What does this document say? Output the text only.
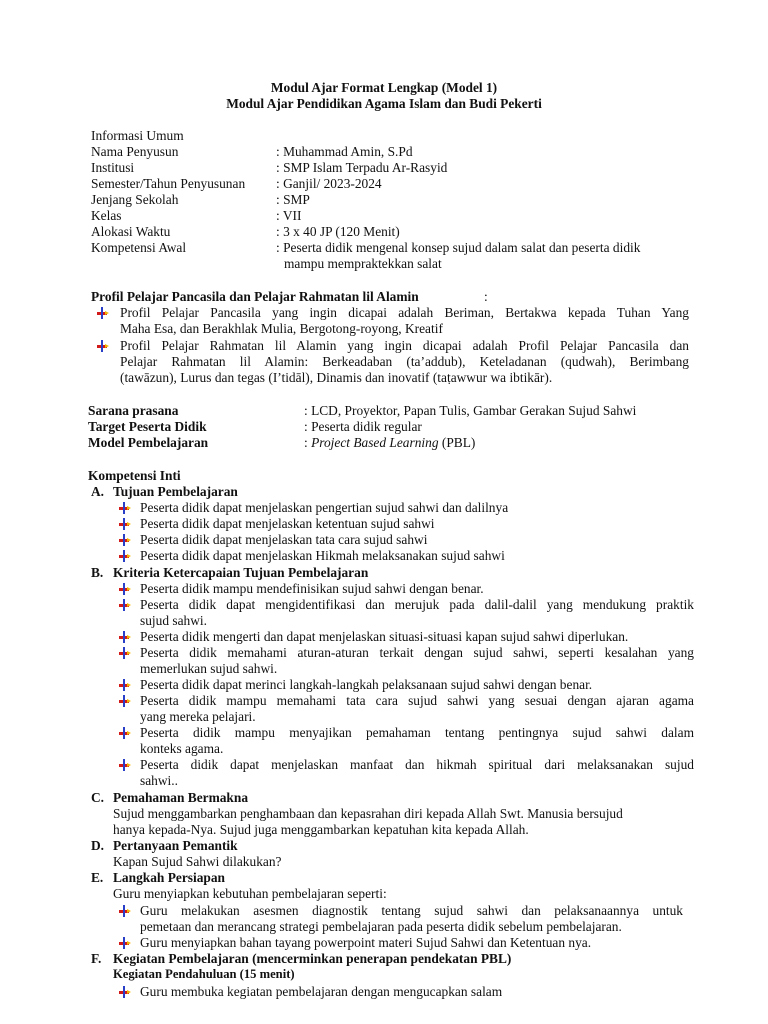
Modul Ajar Format Lengkap (Model 1)
Modul Ajar Pendidikan Agama Islam dan Budi Pekerti
Informasi Umum
Nama Penyusun	: Muhammad Amin, S.Pd
Institusi	: SMP Islam Terpadu Ar-Rasyid
Semester/Tahun Penyusunan : Ganjil/ 2023-2024
Jenjang Sekolah	: SMP
Kelas	: VII
Alokasi Waktu	: 3 x 40 JP (120 Menit)
Kompetensi Awal	: Peserta didik mengenal konsep sujud dalam salat dan peserta didik
mampu mempraktekkan salat
Profil Pelajar Pancasila dan Pelajar Rahmatan lil Alamin	:
Profil Pelajar Pancasila yang ingin dicapai adalah Beriman, Bertakwa kepada Tuhan Yang
Maha Esa, dan Berakhlak Mulia, Bergotong-royong, Kreatif
Profil Pelajar Rahmatan lil Alamin yang ingin dicapai adalah Profil Pelajar Pancasila dan
Pelajar Rahmatan lil Alamin: Berkeadaban (ta’addub), Keteladanan (qudwah), Berimbang
(tawāzun), Lurus dan tegas (I’tidāl), Dinamis dan inovatif (taṭawwur wa ibtikār).
Sarana prasana	: LCD, Proyektor, Papan Tulis, Gambar Gerakan Sujud Sahwi
Target Peserta Didik	: Peserta didik regular
Model Pembelajaran	: Project Based Learning (PBL)
Kompetensi Inti
A. Tujuan Pembelajaran
Peserta didik dapat menjelaskan pengertian sujud sahwi dan dalilnya
Peserta didik dapat menjelaskan ketentuan sujud sahwi
Peserta didik dapat menjelaskan tata cara sujud sahwi
Peserta didik dapat menjelaskan Hikmah melaksanakan sujud sahwi
B. Kriteria Ketercapaian Tujuan Pembelajaran
Peserta didik mampu mendefinisikan sujud sahwi dengan benar.
Peserta didik dapat mengidentifikasi dan merujuk pada dalil-dalil yang mendukung praktik
sujud sahwi.
Peserta didik mengerti dan dapat menjelaskan situasi-situasi kapan sujud sahwi diperlukan.
Peserta didik memahami aturan-aturan terkait dengan sujud sahwi, seperti kesalahan yang
memerlukan sujud sahwi.
Peserta didik dapat merinci langkah-langkah pelaksanaan sujud sahwi dengan benar.
Peserta didik mampu memahami tata cara sujud sahwi yang sesuai dengan ajaran agama
yang mereka pelajari.
Peserta didik mampu menyajikan pemahaman tentang pentingnya sujud sahwi dalam
konteks agama.
Peserta didik dapat menjelaskan manfaat dan hikmah spiritual dari melaksanakan sujud
sahwi..
C. Pemahaman Bermakna
Sujud menggambarkan penghambaan dan kepasrahan diri kepada Allah Swt. Manusia bersujud
hanya kepada-Nya. Sujud juga menggambarkan kepatuhan kita kepada Allah.
D. Pertanyaan Pemantik
Kapan Sujud Sahwi dilakukan?
E. Langkah Persiapan
Guru menyiapkan kebutuhan pembelajaran seperti:
Guru melakukan asesmen diagnostik tentang sujud sahwi dan pelaksanaannya untuk
pemetaan dan merancang strategi pembelajaran pada peserta didik sebelum pembelajaran.
Guru menyiapkan bahan tayang powerpoint materi Sujud Sahwi dan Ketentuan nya.
F. Kegiatan Pembelajaran (mencerminkan penerapan pendekatan PBL)
Kegiatan Pendahuluan (15 menit)
Guru membuka kegiatan pembelajaran dengan mengucapkan salam
